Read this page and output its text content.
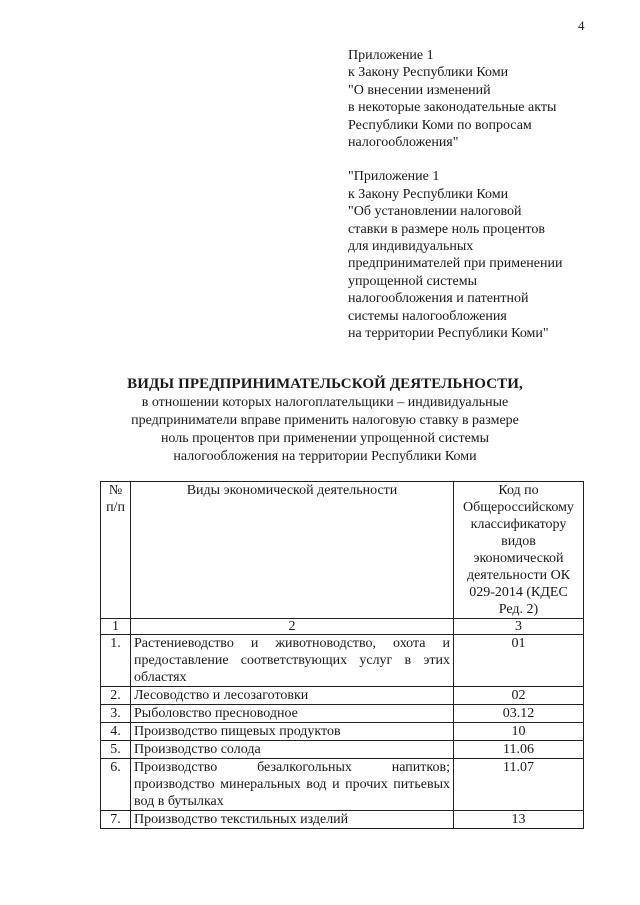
4
Приложение 1
к Закону Республики Коми
"О внесении изменений
в некоторые законодательные акты
Республики Коми по вопросам
налогообложения"
"Приложение 1
к Закону Республики Коми
"Об установлении налоговой
ставки в размере ноль процентов
для индивидуальных
предпринимателей при применении
упрощенной системы
налогообложения и патентной
системы налогообложения
на территории Республики Коми"
ВИДЫ ПРЕДПРИНИМАТЕЛЬСКОЙ ДЕЯТЕЛЬНОСТИ,
в отношении которых налогоплательщики – индивидуальные
предприниматели вправе применить налоговую ставку в размере
ноль процентов при применении упрощенной системы
налогообложения на территории Республики Коми
№ п/п	Виды экономической деятельности	Код по Общероссийскому классификатору видов экономической деятельности ОК 029-2014 (КДЕС Ред. 2)
1	2	3
1.	Растениеводство и животноводство, охота и предоставление соответствующих услуг в этих областях	01
2.	Лесоводство и лесозаготовки	02
3.	Рыболовство пресноводное	03.12
4.	Производство пищевых продуктов	10
5.	Производство солода	11.06
6.	Производство безалкогольных напитков; производство минеральных вод и прочих питьевых вод в бутылках	11.07
7.	Производство текстильных изделий	13
